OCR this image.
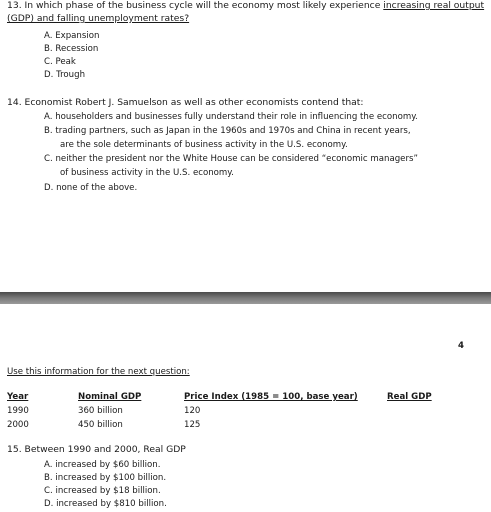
13. In which phase of the business cycle will the economy most likely experience increasing real output
(GDP) and falling unemployment rates?
A. Expansion
B. Recession
C. Peak
D. Trough
14. Economist Robert J. Samuelson as well as other economists contend that:
A. householders and businesses fully understand their role in influencing the economy.
B. trading partners, such as Japan in the 1960s and 1970s and China in recent years,
are the sole determinants of business activity in the U.S. economy.
C. neither the president nor the White House can be considered “economic managers”
of business activity in the U.S. economy.
D. none of the above.
4
Use this information for the next question:
Year	Nominal GDP	Price Index (1985 = 100, base year)	Real GDP
1990	360 billion	120
2000	450 billion	125
15. Between 1990 and 2000, Real GDP
A. increased by $60 billion.
B. increased by $100 billion.
C. increased by $18 billion.
D. increased by $810 billion.
